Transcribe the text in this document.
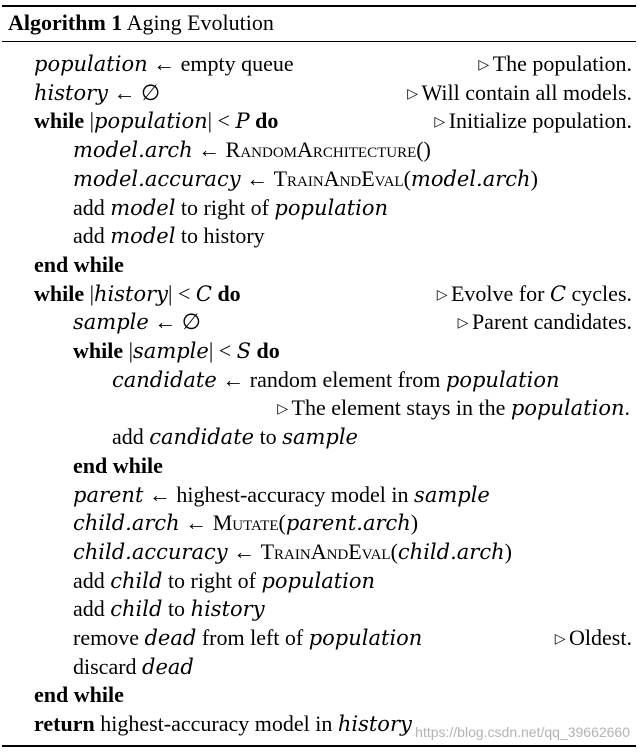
Algorithm 1 Aging Evolution
population ← empty queue	▷ The population.
history ← ∅	▷ Will contain all models.
while |population| < P do	▷ Initialize population.
model.arch ← RandomArchitecture()
model.accuracy ← TrainAndEval(model.arch)
add model to right of population
add model to history
end while
while |history| < C do	▷ Evolve for C cycles.
sample ← ∅	▷ Parent candidates.
while |sample| < S do
candidate ← random element from population
▷ The element stays in the population.
add candidate to sample
end while
parent ← highest-accuracy model in sample
child.arch ← Mutate(parent.arch)
child.accuracy ← TrainAndEval(child.arch)
add child to right of population
add child to history
remove dead from left of population	▷ Oldest.
discard dead
end while
return highest-accuracy model in history https://blog.csdn.net/qq_39662660
